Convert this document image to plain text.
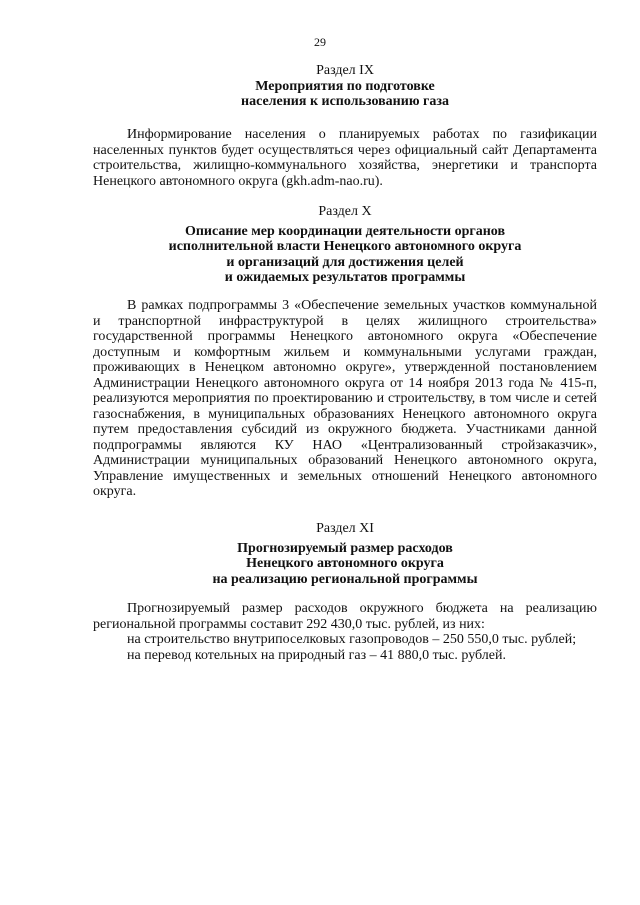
29
Раздел IX
Мероприятия по подготовке
населения к использованию газа

Информирование населения о планируемых работах по газификации населенных пунктов будет осуществляться через официальный сайт Департамента строительства, жилищно-коммунального хозяйства, энергетики и транспорта Ненецкого автономного округа (gkh.adm-nao.ru).

Раздел X
Описание мер координации деятельности органов
исполнительной власти Ненецкого автономного округа
и организаций для достижения целей
и ожидаемых результатов программы

В рамках подпрограммы 3 «Обеспечение земельных участков коммунальной и транспортной инфраструктурой в целях жилищного строительства» государственной программы Ненецкого автономного округа «Обеспечение доступным и комфортным жильем и коммунальными услугами граждан, проживающих в Ненецком автономно округе», утвержденной постановлением Администрации Ненецкого автономного округа от 14 ноября 2013 года № 415-п, реализуются мероприятия по проектированию и строительству, в том числе и сетей газоснабжения, в муниципальных образованиях Ненецкого автономного округа путем предоставления субсидий из окружного бюджета. Участниками данной подпрограммы являются КУ НАО «Централизованный стройзаказчик», Администрации муниципальных образований Ненецкого автономного округа, Управление имущественных и земельных отношений Ненецкого автономного округа.

Раздел XI
Прогнозируемый размер расходов
Ненецкого автономного округа
на реализацию региональной программы

Прогнозируемый размер расходов окружного бюджета на реализацию региональной программы составит 292 430,0 тыс. рублей, из них:

на строительство внутрипоселковых газопроводов – 250 550,0 тыс. рублей;

на перевод котельных на природный газ – 41 880,0 тыс. рублей.
